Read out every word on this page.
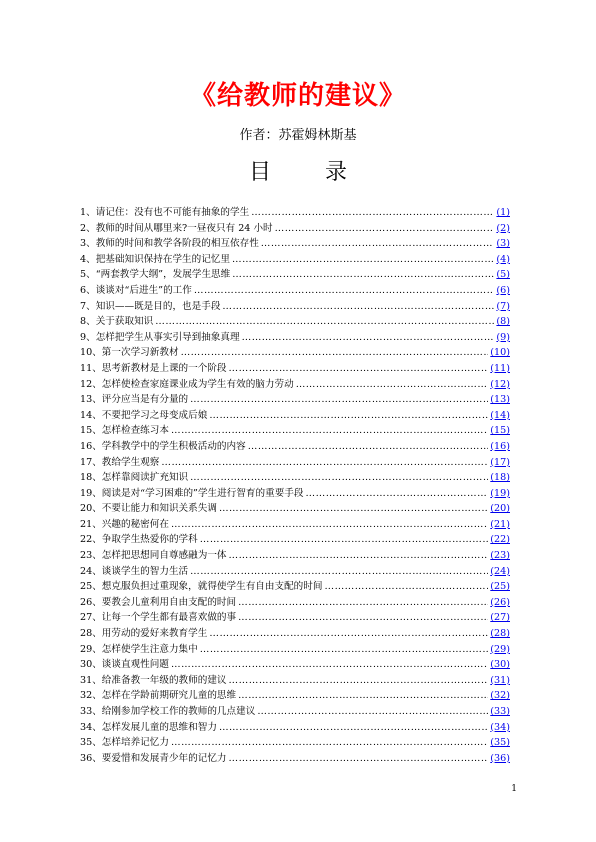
《给教师的建议》
作者：苏霍姆林斯基
目 录
1、请记住：没有也不可能有抽象的学生 ………………………………………………………………………………………………………………………………………………………………	(1)
2、教师的时间从哪里来?一昼夜只有 24 小时 ………………………………………………………………………………………………………………………………………………………………	(2)
3、教师的时间和教学各阶段的相互依存性 ………………………………………………………………………………………………………………………………………………………………	(3)
4、把基础知识保持在学生的记忆里 ………………………………………………………………………………………………………………………………………………………………	(4)
5、“两套教学大纲”，发展学生思维 ………………………………………………………………………………………………………………………………………………………………	(5)
6、谈谈对“后进生”的工作 ………………………………………………………………………………………………………………………………………………………………	(6)
7、知识——既是目的，也是手段 ………………………………………………………………………………………………………………………………………………………………	(7)
8、关于获取知识 ………………………………………………………………………………………………………………………………………………………………	(8)
9、怎样把学生从事实引导到抽象真理 ………………………………………………………………………………………………………………………………………………………………	(9)
10、第一次学习新教材 ………………………………………………………………………………………………………………………………………………………………	(10)
11、思考新教材是上课的一个阶段 ………………………………………………………………………………………………………………………………………………………………	(11)
12、怎样使检查家庭课业成为学生有效的脑力劳动 ………………………………………………………………………………………………………………………………………………………………	(12)
13、评分应当是有分量的 ………………………………………………………………………………………………………………………………………………………………	(13)
14、不要把学习之母变成后娘 ………………………………………………………………………………………………………………………………………………………………	(14)
15、怎样检查练习本 ………………………………………………………………………………………………………………………………………………………………	(15)
16、学科教学中的学生积极活动的内容 ………………………………………………………………………………………………………………………………………………………………	(16)
17、教给学生观察 ………………………………………………………………………………………………………………………………………………………………	(17)
18、怎样靠阅读扩充知识 ………………………………………………………………………………………………………………………………………………………………	(18)
19、阅读是对“学习困难的”学生进行智育的重要手段 ………………………………………………………………………………………………………………………………………………………………	(19)
20、不要让能力和知识关系失调 ………………………………………………………………………………………………………………………………………………………………	(20)
21、兴趣的秘密何在 ………………………………………………………………………………………………………………………………………………………………	(21)
22、争取学生热爱你的学科 ………………………………………………………………………………………………………………………………………………………………	(22)
23、怎样把思想同自尊感融为一体 ………………………………………………………………………………………………………………………………………………………………	(23)
24、谈谈学生的智力生活 ………………………………………………………………………………………………………………………………………………………………	(24)
25、想克服负担过重现象，就得使学生有自由支配的时间 ………………………………………………………………………………………………………………………………………………………………	(25)
26、要教会儿童利用自由支配的时间 ………………………………………………………………………………………………………………………………………………………………	(26)
27、让每一个学生都有最喜欢做的事 ………………………………………………………………………………………………………………………………………………………………	(27)
28、用劳动的爱好来教育学生 ………………………………………………………………………………………………………………………………………………………………	(28)
29、怎样使学生注意力集中 ………………………………………………………………………………………………………………………………………………………………	(29)
30、谈谈直观性问题 ………………………………………………………………………………………………………………………………………………………………	(30)
31、给准备教一年级的教师的建议 ………………………………………………………………………………………………………………………………………………………………	(31)
32、怎样在学龄前期研究儿童的思维 ………………………………………………………………………………………………………………………………………………………………	(32)
33、给刚参加学校工作的教师的几点建议 ………………………………………………………………………………………………………………………………………………………………	(33)
34、怎样发展儿童的思维和智力 ………………………………………………………………………………………………………………………………………………………………	(34)
35、怎样培养记忆力 ………………………………………………………………………………………………………………………………………………………………	(35)
36、要爱惜和发展青少年的记忆力 ………………………………………………………………………………………………………………………………………………………………	(36)
1
